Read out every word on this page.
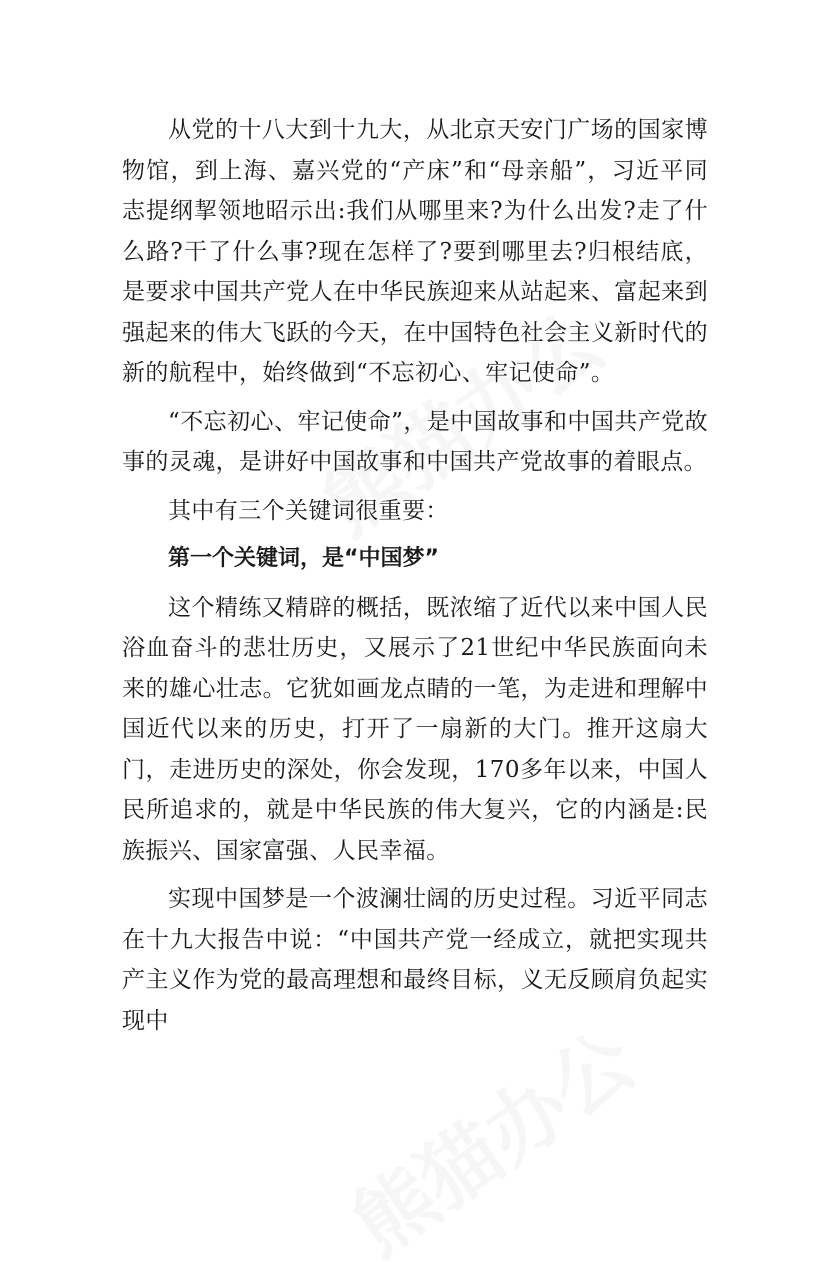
从党的十八大到十九大，从北京天安门广场的国家博物馆，到上海、嘉兴党的“产床”和“母亲船”，习近平同志提纲挈领地昭示出:我们从哪里来?为什么出发?走了什么路?干了什么事?现在怎样了?要到哪里去?归根结底，是要求中国共产党人在中华民族迎来从站起来、富起来到强起来的伟大飞跃的今天，在中国特色社会主义新时代的新的航程中，始终做到“不忘初心、牢记使命”。

“不忘初心、牢记使命”，是中国故事和中国共产党故事的灵魂，是讲好中国故事和中国共产党故事的着眼点。

其中有三个关键词很重要：

第一个关键词，是“中国梦”

这个精练又精辟的概括，既浓缩了近代以来中国人民浴血奋斗的悲壮历史，又展示了21世纪中华民族面向未来的雄心壮志。它犹如画龙点睛的一笔，为走进和理解中国近代以来的历史，打开了一扇新的大门。推开这扇大门，走进历史的深处，你会发现，170多年以来，中国人民所追求的，就是中华民族的伟大复兴，它的内涵是:民族振兴、国家富强、人民幸福。

实现中国梦是一个波澜壮阔的历史过程。习近平同志在十九大报告中说：“中国共产党一经成立，就把实现共产主义作为党的最高理想和最终目标，义无反顾肩负起实现中
